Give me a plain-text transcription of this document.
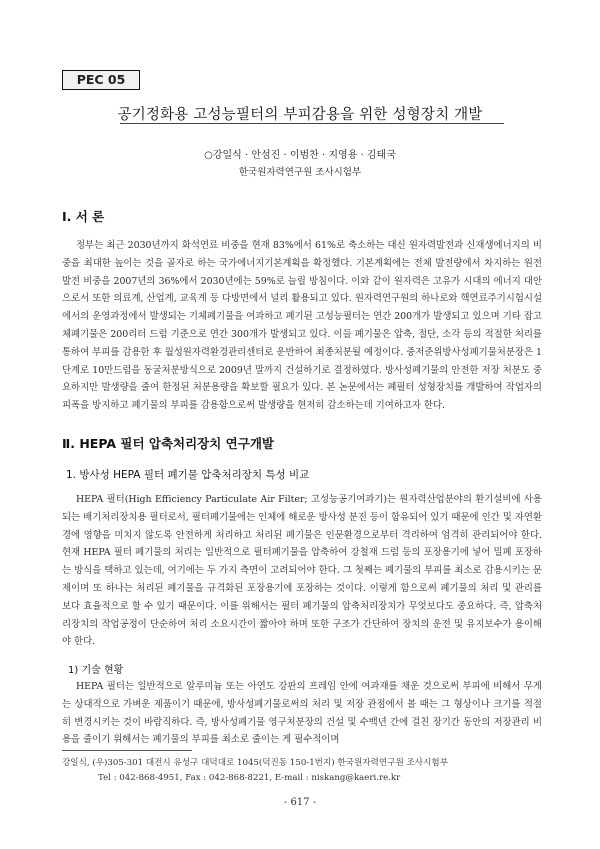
PEC 05
공기정화용 고성능필터의 부피감용을 위한 성형장치 개발
○강일식 · 안섬진 · 이범찬 · 지영용 · 김태국
한국원자력연구원 조사시험부
Ⅰ. 서 론
정부는 최근 2030년까지 화석연료 비중을 현재 83%에서 61%로 축소하는 대신 원자력발전과 신재생에너지의 비중을 최대한 높이는 것을 골자로 하는 국가에너지기본계획을 확정했다. 기본계획에는 전체 발전량에서 차지하는 원전발전 비중을 2007년의 36%에서 2030년에는 59%로 늘릴 방침이다. 이와 같이 원자력은 고유가 시대의 에너지 대안으로서 또한 의료계, 산업계, 교육계 등 다방면에서 널리 활용되고 있다. 원자력연구원의 하나로와 핵연료주기시험시설에서의 운영과정에서 발생되는 기체폐기물을 여과하고 폐기된 고성능필터는 연간 200개가 발생되고 있으며 기타 잡고체폐기물은 200리터 드럼 기준으로 연간 300개가 발생되고 있다. 이들 폐기물은 압축, 절단, 소각 등의 적절한 처리를 통하여 부피를 감용한 후 월성원자력환경관리센터로 운반하여 최종처분될 예정이다. 중저준위방사성폐기물처분장은 1단계로 10만드럼을 동굴처분방식으로 2009년 말까지 건설하기로 결정하였다. 방사성폐기물의 안전한 저장 처분도 중요하지만 발생량을 줄여 한정된 처분용량을 확보할 필요가 있다. 본 논문에서는 폐필터 성형장치를 개발하여 작업자의 피폭을 방지하고 폐기물의 부피를 감용함으로써 발생량을 현저히 감소하는데 기여하고자 한다.
Ⅱ. HEPA 필터 압축처리장치 연구개발
1. 방사성 HEPA 필터 폐기물 압축처리장치 특성 비교
HEPA 필터(High Efficiency Particulate Air Filter; 고성능공기여과기)는 원자력산업분야의 환기설비에 사용되는 배기처리장치용 필터로서, 필터폐기물에는 인체에 해로운 방사성 분진 등이 함유되어 있기 때문에 인간 및 자연환경에 영향을 미치지 않도록 안전하게 처리하고 처리된 폐기물은 인문환경으로부터 격리하여 엄격히 관리되어야 한다. 현재 HEPA 필터 폐기물의 처리는 일반적으로 필터폐기물을 압축하여 강철재 드럼 등의 포장용기에 넣어 밀폐 포장하는 방식을 택하고 있는데, 여기에는 두 가지 측면이 고려되어야 한다. 그 첫째는 폐기물의 부피를 최소로 감용시키는 문제이며 또 하나는 처리된 폐기물을 규격화된 포장용기에 포장하는 것이다. 이렇게 함으로써 폐기물의 처리 및 관리를 보다 효율적으로 할 수 있기 때문이다. 이를 위해서는 필터 폐기물의 압축처리장치가 무엇보다도 중요하다. 즉, 압축처리장치의 작업공정이 단순하여 처리 소요시간이 짧아야 하며 또한 구조가 간단하여 장치의 운전 및 유지보수가 용이해야 한다.
1) 기술 현황
HEPA 필터는 일반적으로 알루미늄 또는 아연도 강판의 프레임 안에 여과재를 채운 것으로써 부피에 비해서 무게는 상대적으로 가벼운 제품이기 때문에, 방사성폐기물로써의 처리 및 저장 관점에서 볼 때는 그 형상이나 크기를 적절히 변경시키는 것이 바람직하다. 즉, 방사성폐기물 영구처분장의 건설 및 수백년 간에 걸친 장기간 동안의 저장관리 비용을 줄이기 위해서는 폐기물의 부피를 최소로 줄이는 게 필수적이며
강일식, (우)305-301 대전시 유성구 대덕대로 1045(덕진동 150-1번지) 한국원자력연구원 조사시험부
Tel : 042-868-4951, Fax : 042-868-8221, E-mail : niskang@kaeri.re.kr
- 617 -
